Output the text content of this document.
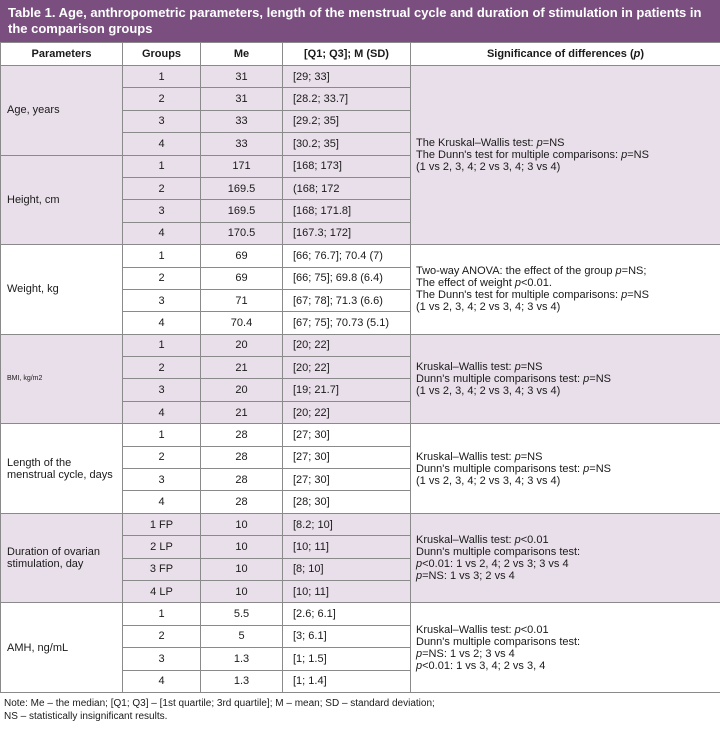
Table 1. Age, anthropometric parameters, length of the menstrual cycle and duration of stimulation in patients in the comparison groups
Parameters	Groups	Me	[Q1; Q3]; M (SD)	Significance of differences (p)
Age, years	1	31	[29; 33]	The Kruskal–Wallis test: p=NS
The Dunn's test for multiple comparisons: p=NS
(1 vs 2, 3, 4; 2 vs 3, 4; 3 vs 4)

	2	31	[28.2; 33.7]	
	3	33	[29.2; 35]	
	4	33	[30.2; 35]	
Height, cm	1	171	[168; 173]	
	2	169.5	(168; 172	
	3	169.5	[168; 171.8]	
	4	170.5	[167.3; 172]	
Weight, kg	1	69	[66; 76.7]; 70.4 (7)	Two-way ANOVA: the effect of the group p=NS;
The effect of weight p<0.01.
The Dunn's test for multiple comparisons: p=NS
(1 vs 2, 3, 4; 2 vs 3, 4; 3 vs 4)

	2	69	[66; 75]; 69.8 (6.4)	
	3	71	[67; 78]; 71.3 (6.6)	
	4	70.4	[67; 75]; 70.73 (5.1)	
BMI, kg/m2	1	20	[20; 22]	Kruskal–Wallis test: p=NS
Dunn's multiple comparisons test: p=NS
(1 vs 2, 3, 4; 2 vs 3, 4; 3 vs 4)

	2	21	[20; 22]	
	3	20	[19; 21.7]	
	4	21	[20; 22]	
Length of the menstrual cycle, days	1	28	[27; 30]	Kruskal–Wallis test: p=NS
Dunn's multiple comparisons test: p=NS
(1 vs 2, 3, 4; 2 vs 3, 4; 3 vs 4)

	2	28	[27; 30]	
	3	28	[27; 30]	
	4	28	[28; 30]	
Duration of ovarian stimulation, day	1 FP	10	[8.2; 10]	Kruskal–Wallis test: p<0.01
Dunn's multiple comparisons test:
p<0.01: 1 vs 2, 4; 2 vs 3; 3 vs 4
p=NS: 1 vs 3; 2 vs 4

	2 LP	10	[10; 11]	
	3 FP	10	[8; 10]	
	4 LP	10	[10; 11]	
AMH, ng/mL	1	5.5	[2.6; 6.1]	Kruskal–Wallis test: p<0.01
Dunn's multiple comparisons test:
p=NS: 1 vs 2; 3 vs 4
p<0.01: 1 vs 3, 4; 2 vs 3, 4

	2	5	[3; 6.1]	
	3	1.3	[1; 1.5]	
	4	1.3	[1; 1.4]	
Note: Me – the median; [Q1; Q3] – [1st quartile; 3rd quartile]; M – mean; SD – standard deviation;
NS – statistically insignificant results.
